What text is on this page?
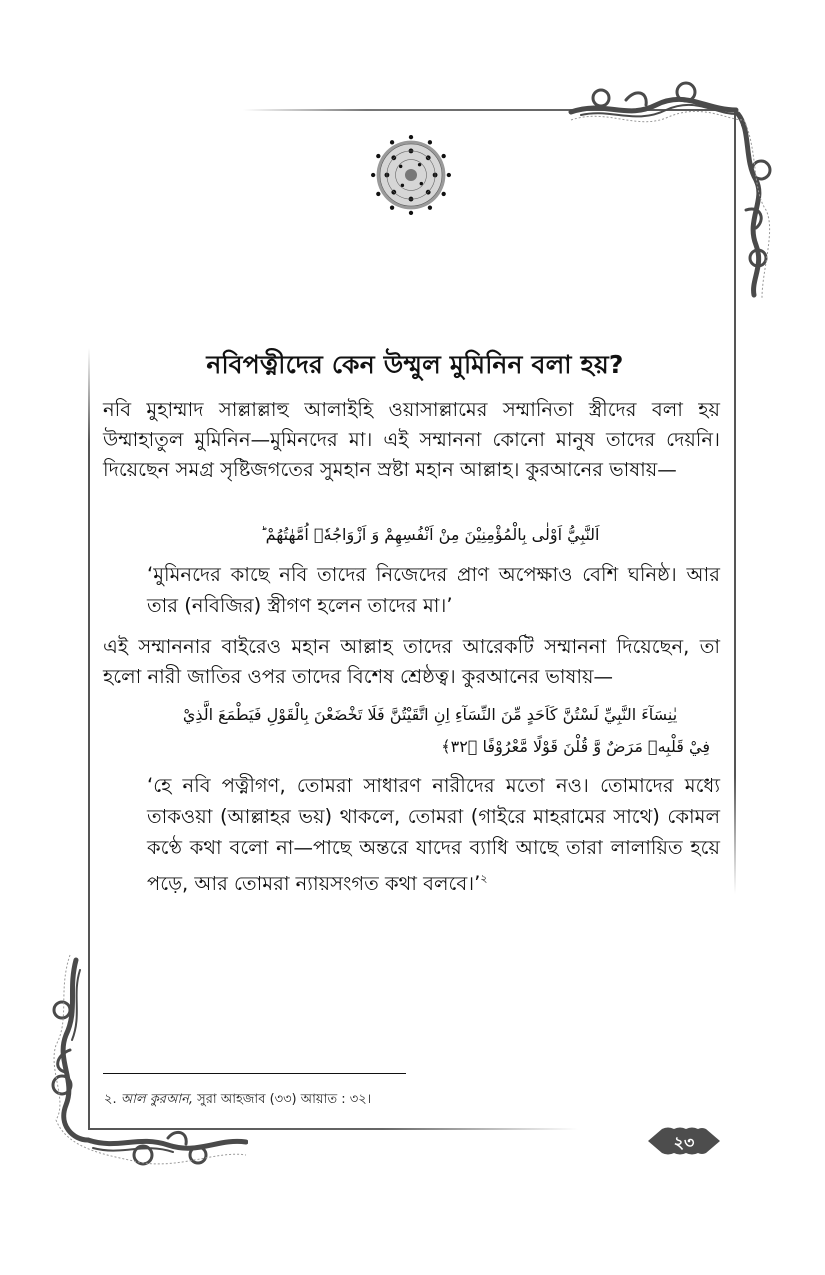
নবিপত্নীদের কেন উম্মুল মুমিনিন বলা হয়?

নবি মুহাম্মাদ সাল্লাল্লাহু আলাইহি ওয়াসাল্লামের সম্মানিতা স্ত্রীদের বলা হয় উম্মাহাতুল মুমিনিন—মুমিনদের মা। এই সম্মাননা কোনো মানুষ তাদের দেয়নি। দিয়েছেন সমগ্র সৃষ্টিজগতের সুমহান স্রষ্টা মহান আল্লাহ। কুরআনের ভাষায়—

اَلنَّبِيُّ اَوْلٰى بِالْمُؤْمِنِيْنَ مِنْ اَنْفُسِهِمْ وَ اَزْوَاجُهٗۤ اُمَّهٰتُهُمْ ؕ

‘মুমিনদের কাছে নবি তাদের নিজেদের প্রাণ অপেক্ষাও বেশি ঘনিষ্ঠ। আর তার (নবিজির) স্ত্রীগণ হলেন তাদের মা।’

এই সম্মাননার বাইরেও মহান আল্লাহ তাদের আরেকটি সম্মাননা দিয়েছেন, তা হলো নারী জাতির ওপর তাদের বিশেষ শ্রেষ্ঠত্ব। কুরআনের ভাষায়—

يٰنِسَآءَ النَّبِيِّ لَسْتُنَّ كَاَحَدٍ مِّنَ النِّسَآءِ اِنِ اتَّقَيْتُنَّ فَلَا تَخْضَعْنَ بِالْقَوْلِ فَيَطْمَعَ الَّذِيْ

فِيْ قَلْبِهٖ مَرَضٌ وَّ قُلْنَ قَوْلًا مَّعْرُوْفًا ﴿۳۲﴾

‘হে নবি পত্নীগণ, তোমরা সাধারণ নারীদের মতো নও। তোমাদের মধ্যে তাকওয়া (আল্লাহর ভয়) থাকলে, তোমরা (গাইরে মাহরামের সাথে) কোমল কণ্ঠে কথা বলো না—পাছে অন্তরে যাদের ব্যাধি আছে তারা লালায়িত হয়ে পড়ে, আর তোমরা ন্যায়সংগত কথা বলবে।’$^২$

২. আল কুরআন, সুরা আহজাব (৩৩) আয়াত : ৩২।

২৩
